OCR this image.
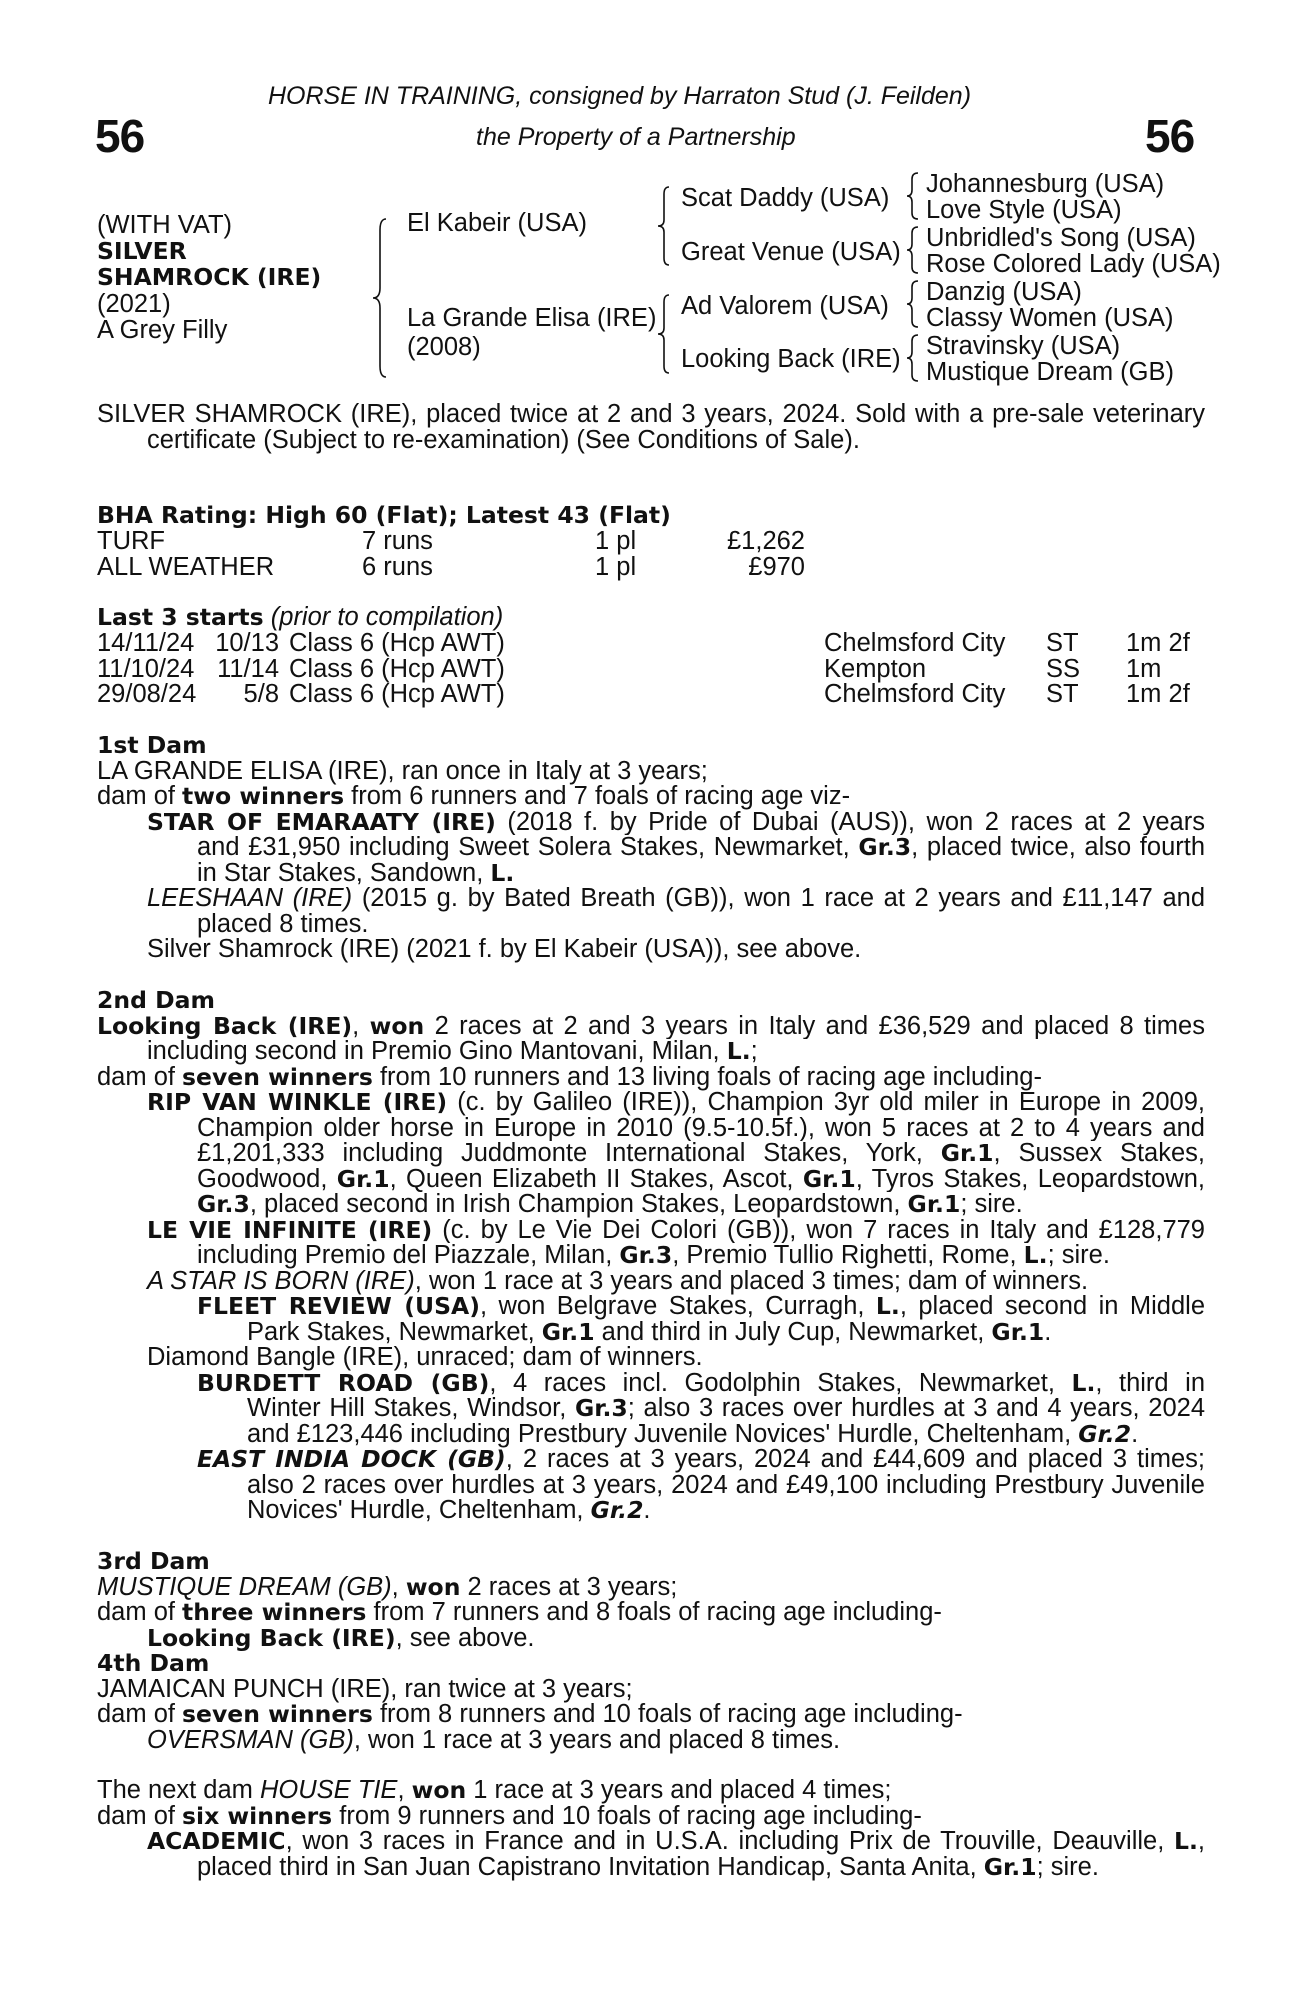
56	56
HORSE IN TRAINING, consigned by Harraton Stud (J. Feilden)
the Property of a Partnership
(WITH VAT)
SILVER
SHAMROCK (IRE)
(2021)
A Grey Filly
El Kabeir (USA)
La Grande Elisa (IRE)
(2008)
Scat Daddy (USA)
Great Venue (USA)
Ad Valorem (USA)
Looking Back (IRE)
Johannesburg (USA)
Love Style (USA)
Unbridled's Song (USA)
Rose Colored Lady (USA)
Danzig (USA)
Classy Women (USA)
Stravinsky (USA)
Mustique Dream (GB)
SILVER SHAMROCK (IRE), placed twice at 2 and 3 years, 2024. Sold with a pre-sale veterinary
certificate (Subject to re-examination) (See Conditions of Sale).
BHA Rating: High 60 (Flat); Latest 43 (Flat)
TURF	7 runs	1 pl	£1,262
ALL WEATHER	6 runs	1 pl	£970
Last 3 starts (prior to compilation)
14/11/24	10/13	Class 6 (Hcp AWT)	Chelmsford City	ST	1m 2f
11/10/24	11/14	Class 6 (Hcp AWT)	Kempton	SS	1m
29/08/24	5/8	Class 6 (Hcp AWT)	Chelmsford City	ST	1m 2f
1st Dam
LA GRANDE ELISA (IRE), ran once in Italy at 3 years;
dam of two winners from 6 runners and 7 foals of racing age viz-
STAR OF EMARAATY (IRE) (2018 f. by Pride of Dubai (AUS)), won 2 races at 2 years
and £31,950 including Sweet Solera Stakes, Newmarket, Gr.3, placed twice, also fourth
in Star Stakes, Sandown, L.
LEESHAAN (IRE) (2015 g. by Bated Breath (GB)), won 1 race at 2 years and £11,147 and
placed 8 times.
Silver Shamrock (IRE) (2021 f. by El Kabeir (USA)), see above.
2nd Dam
Looking Back (IRE), won 2 races at 2 and 3 years in Italy and £36,529 and placed 8 times
including second in Premio Gino Mantovani, Milan, L.;
dam of seven winners from 10 runners and 13 living foals of racing age including-
RIP VAN WINKLE (IRE) (c. by Galileo (IRE)), Champion 3yr old miler in Europe in 2009,
Champion older horse in Europe in 2010 (9.5-10.5f.), won 5 races at 2 to 4 years and
£1,201,333 including Juddmonte International Stakes, York, Gr.1, Sussex Stakes,
Goodwood, Gr.1, Queen Elizabeth II Stakes, Ascot, Gr.1, Tyros Stakes, Leopardstown,
Gr.3, placed second in Irish Champion Stakes, Leopardstown, Gr.1; sire.
LE VIE INFINITE (IRE) (c. by Le Vie Dei Colori (GB)), won 7 races in Italy and £128,779
including Premio del Piazzale, Milan, Gr.3, Premio Tullio Righetti, Rome, L.; sire.
A STAR IS BORN (IRE), won 1 race at 3 years and placed 3 times; dam of winners.
FLEET REVIEW (USA), won Belgrave Stakes, Curragh, L., placed second in Middle
Park Stakes, Newmarket, Gr.1 and third in July Cup, Newmarket, Gr.1.
Diamond Bangle (IRE), unraced; dam of winners.
BURDETT ROAD (GB), 4 races incl. Godolphin Stakes, Newmarket, L., third in
Winter Hill Stakes, Windsor, Gr.3; also 3 races over hurdles at 3 and 4 years, 2024
and £123,446 including Prestbury Juvenile Novices' Hurdle, Cheltenham, Gr.2.
EAST INDIA DOCK (GB), 2 races at 3 years, 2024 and £44,609 and placed 3 times;
also 2 races over hurdles at 3 years, 2024 and £49,100 including Prestbury Juvenile
Novices' Hurdle, Cheltenham, Gr.2.
3rd Dam
MUSTIQUE DREAM (GB), won 2 races at 3 years;
dam of three winners from 7 runners and 8 foals of racing age including-
Looking Back (IRE), see above.
4th Dam
JAMAICAN PUNCH (IRE), ran twice at 3 years;
dam of seven winners from 8 runners and 10 foals of racing age including-
OVERSMAN (GB), won 1 race at 3 years and placed 8 times.
The next dam HOUSE TIE, won 1 race at 3 years and placed 4 times;
dam of six winners from 9 runners and 10 foals of racing age including-
ACADEMIC, won 3 races in France and in U.S.A. including Prix de Trouville, Deauville, L.,
placed third in San Juan Capistrano Invitation Handicap, Santa Anita, Gr.1; sire.
